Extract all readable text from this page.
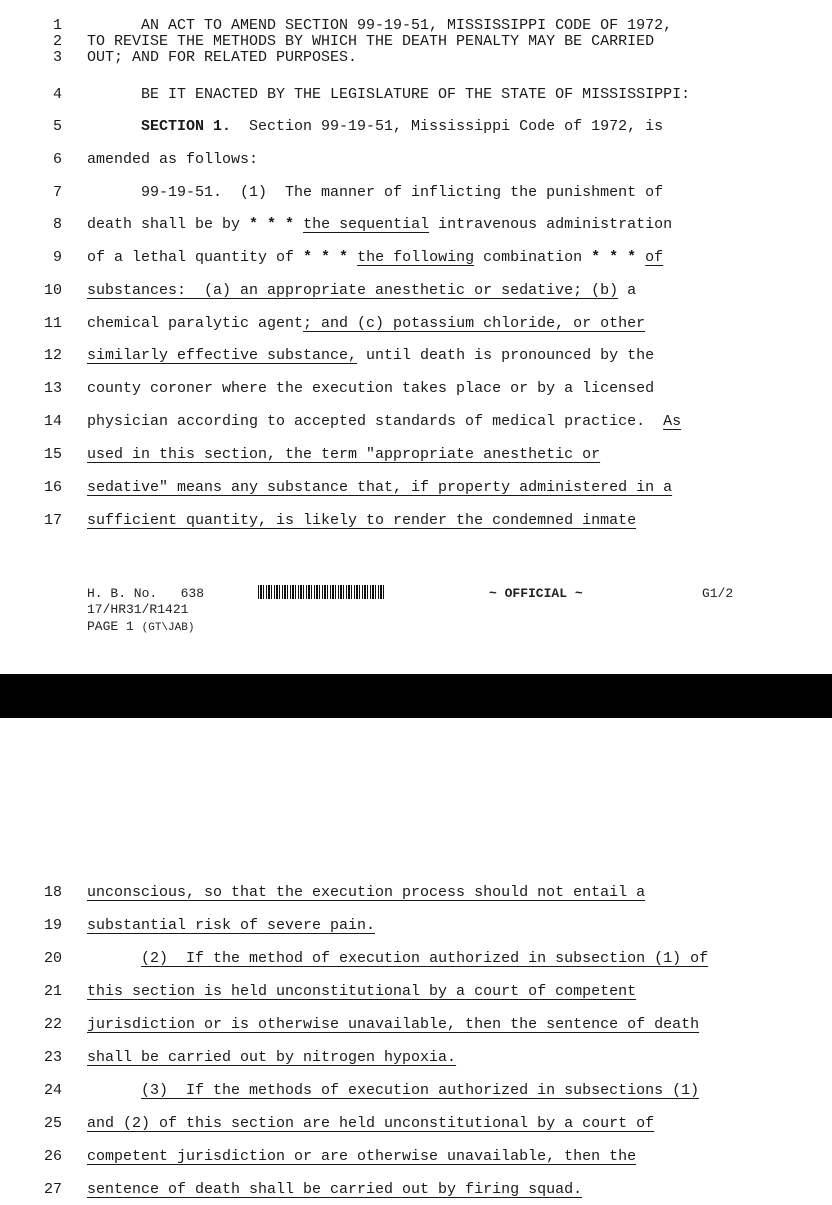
1 AN ACT TO AMEND SECTION 99-19-51, MISSISSIPPI CODE OF 1972,
2 TO REVISE THE METHODS BY WHICH THE DEATH PENALTY MAY BE CARRIED
3 OUT; AND FOR RELATED PURPOSES.
4 BE IT ENACTED BY THE LEGISLATURE OF THE STATE OF MISSISSIPPI:
5	SECTION 1.  Section 99-19-51, Mississippi Code of 1972, is
6 amended as follows:
7 99-19-51.  (1)  The manner of inflicting the punishment of
8 death shall be by * * * the sequential intravenous administration
9 of a lethal quantity of * * * the following combination * * * of
10 substances:  (a) an appropriate anesthetic or sedative; (b) a
11 chemical paralytic agent; and (c) potassium chloride, or other
12 similarly effective substance, until death is pronounced by the
13 county coroner where the execution takes place or by a licensed
14 physician according to accepted standards of medical practice.  As
15 used in this section, the term "appropriate anesthetic or
16 sedative" means any substance that, if property administered in a
17 sufficient quantity, is likely to render the condemned inmate
H. B. No.   638
17/HR31/R1421
PAGE 1 (GT\JAB)
~ OFFICIAL ~	G1/2
18 unconscious, so that the execution process should not entail a
19 substantial risk of severe pain.
20	(2)  If the method of execution authorized in subsection (1) of
21 this section is held unconstitutional by a court of competent
22 jurisdiction or is otherwise unavailable, then the sentence of death
23 shall be carried out by nitrogen hypoxia.
24	(3)  If the methods of execution authorized in subsections (1)
25 and (2) of this section are held unconstitutional by a court of
26 competent jurisdiction or are otherwise unavailable, then the
27 sentence of death shall be carried out by firing squad.
